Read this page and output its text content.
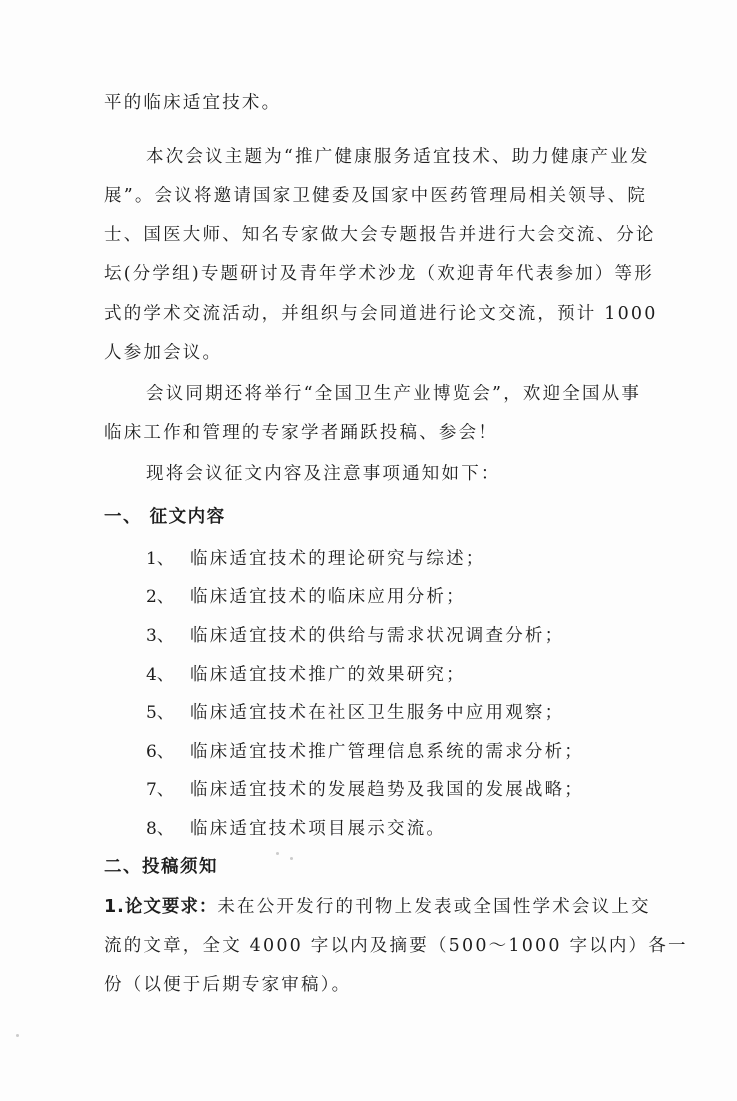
平的临床适宜技术。
本次会议主题为“推广健康服务适宜技术、助力健康产业发
展”。会议将邀请国家卫健委及国家中医药管理局相关领导、院
士、国医大师、知名专家做大会专题报告并进行大会交流、分论
坛(分学组)专题研讨及青年学术沙龙（欢迎青年代表参加）等形
式的学术交流活动，并组织与会同道进行论文交流，预计 1000
人参加会议。
会议同期还将举行“全国卫生产业博览会”，欢迎全国从事
临床工作和管理的专家学者踊跃投稿、参会！
现将会议征文内容及注意事项通知如下：
一、 征文内容
1、 临床适宜技术的理论研究与综述；
2、 临床适宜技术的临床应用分析；
3、 临床适宜技术的供给与需求状况调查分析；
4、 临床适宜技术推广的效果研究；
5、 临床适宜技术在社区卫生服务中应用观察；
6、 临床适宜技术推广管理信息系统的需求分析；
7、 临床适宜技术的发展趋势及我国的发展战略；
8、 临床适宜技术项目展示交流。
二、投稿须知
1.论文要求：未在公开发行的刊物上发表或全国性学术会议上交
流的文章，全文 4000 字以内及摘要（500～1000 字以内）各一
份（以便于后期专家审稿）。
